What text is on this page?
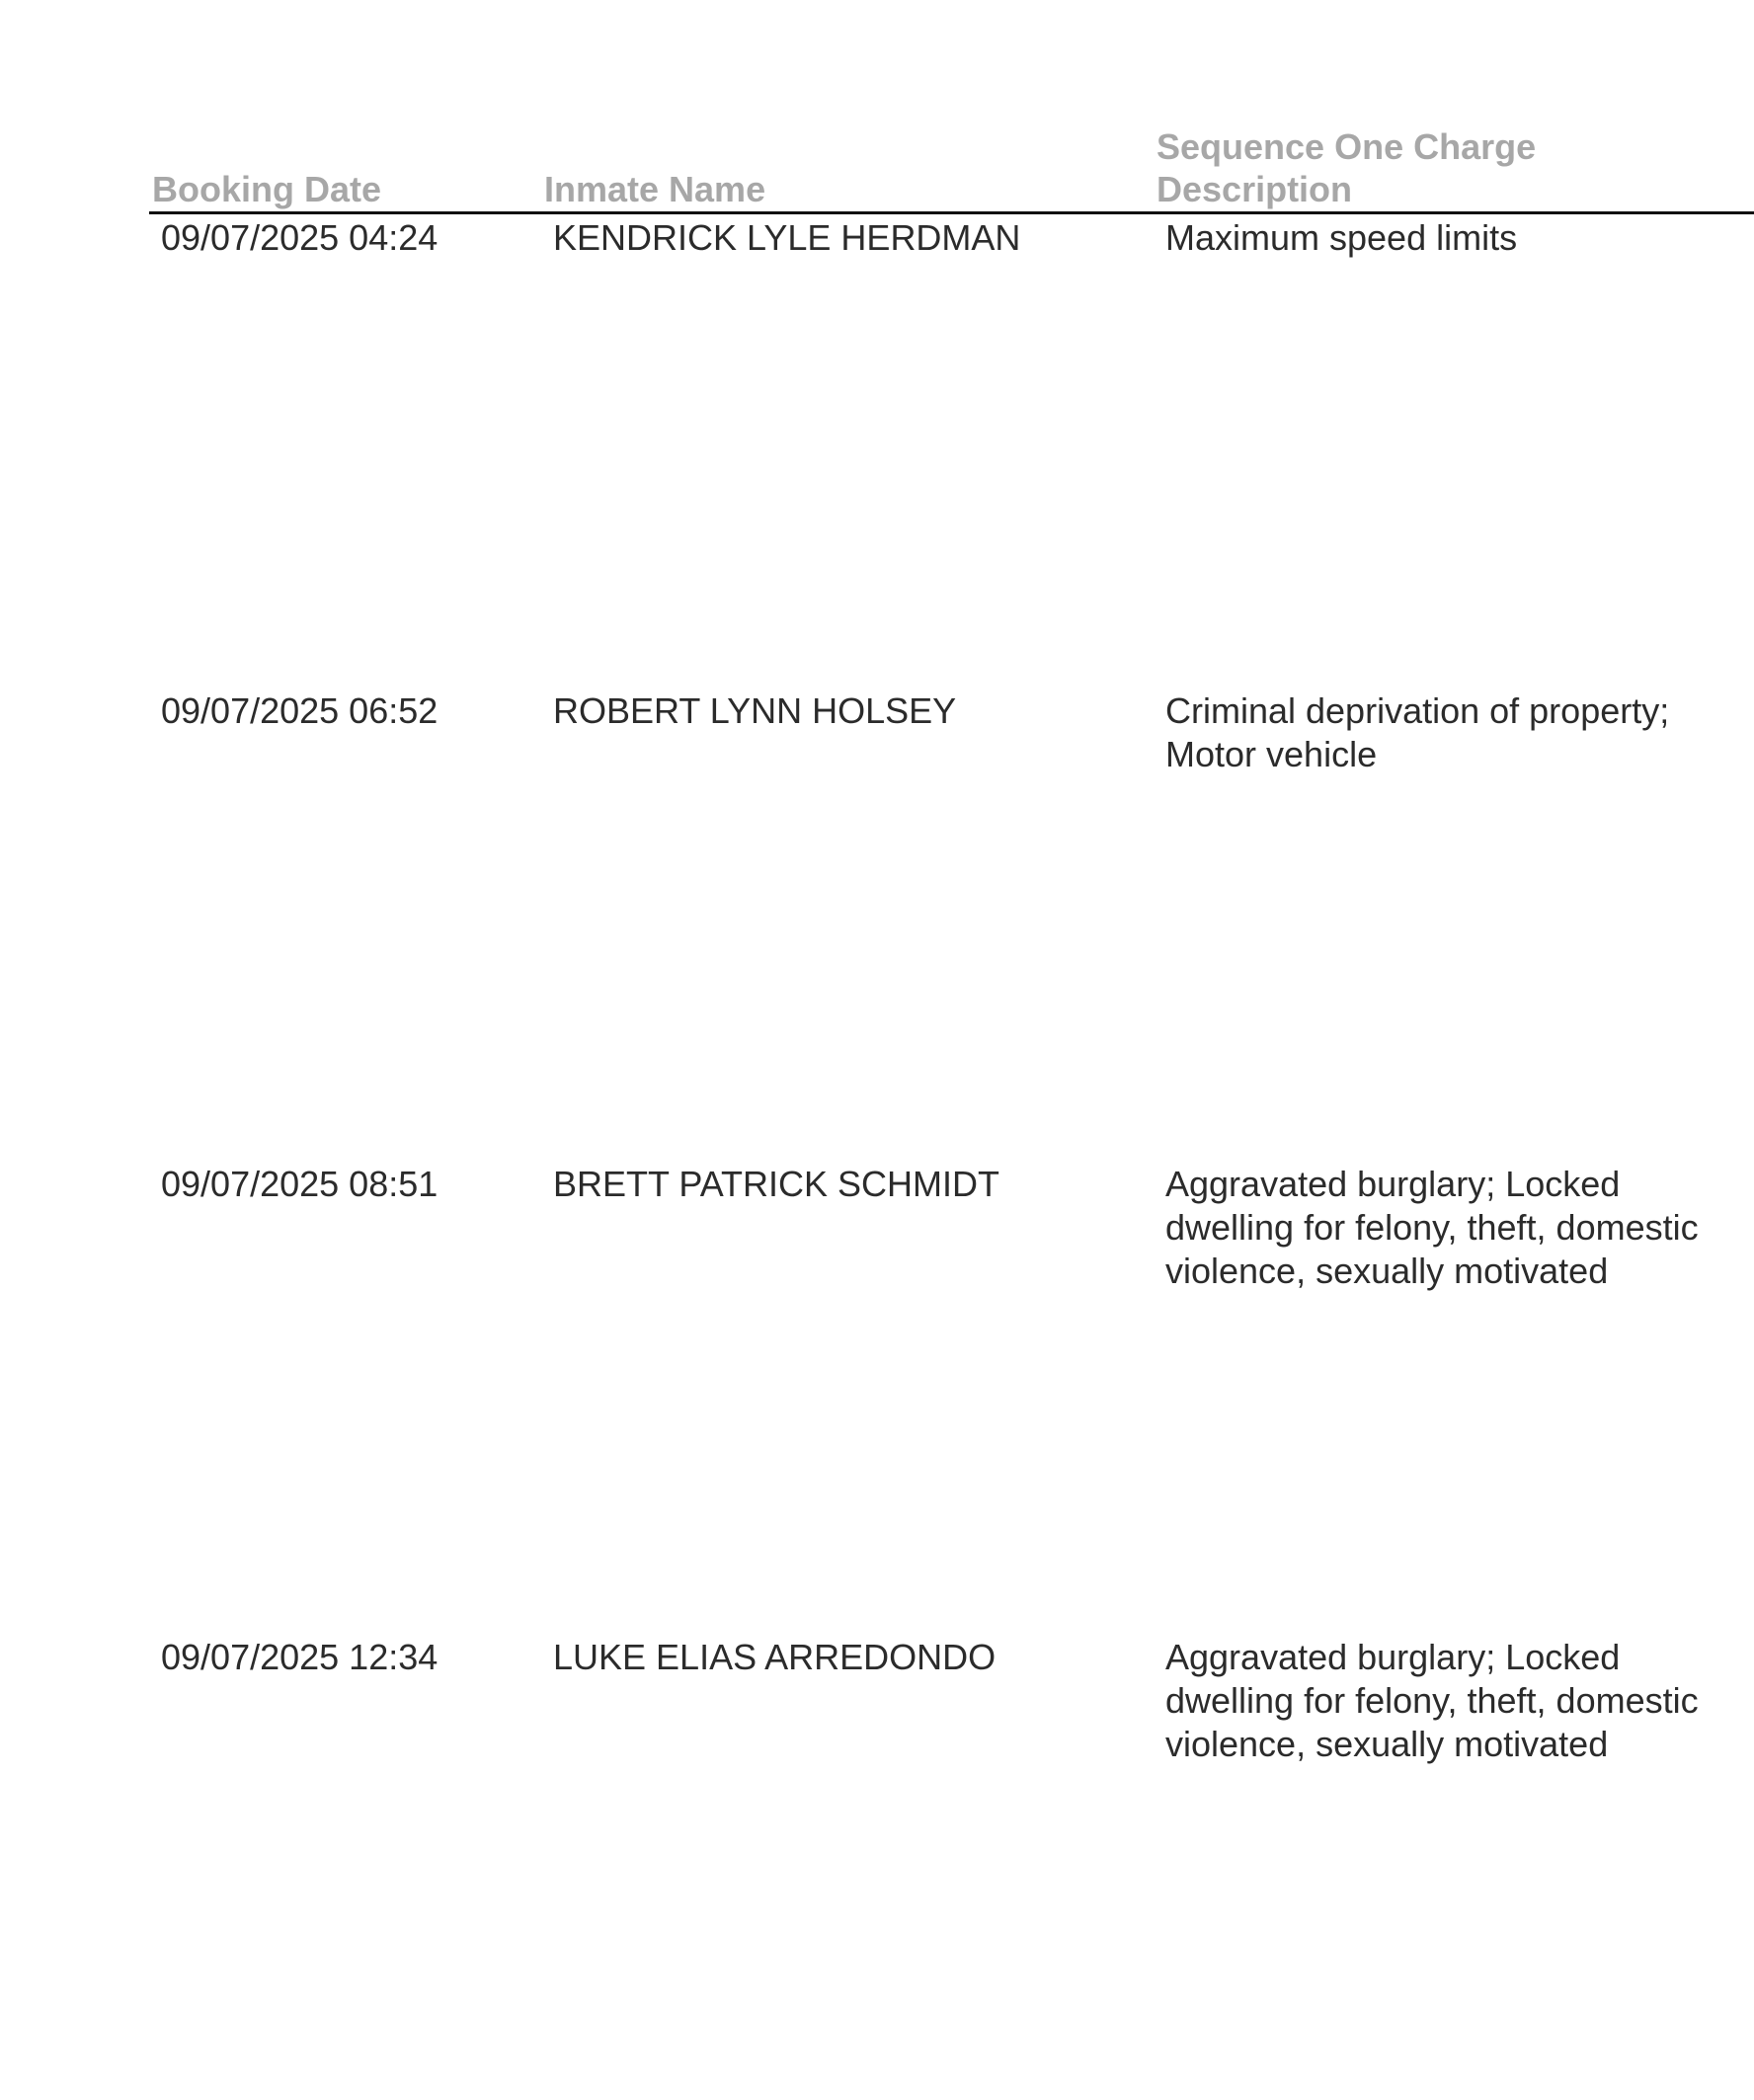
Booking Date	Inmate Name
Sequence One Charge
Description
09/07/2025 04:24	KENDRICK LYLE HERDMAN	Maximum speed limits
09/07/2025 06:52	ROBERT LYNN HOLSEY	Criminal deprivation of property;
Motor vehicle
09/07/2025 08:51	BRETT PATRICK SCHMIDT	Aggravated burglary; Locked
dwelling for felony, theft, domestic
violence, sexually motivated
09/07/2025 12:34	LUKE ELIAS ARREDONDO	Aggravated burglary; Locked
dwelling for felony, theft, domestic
violence, sexually motivated
